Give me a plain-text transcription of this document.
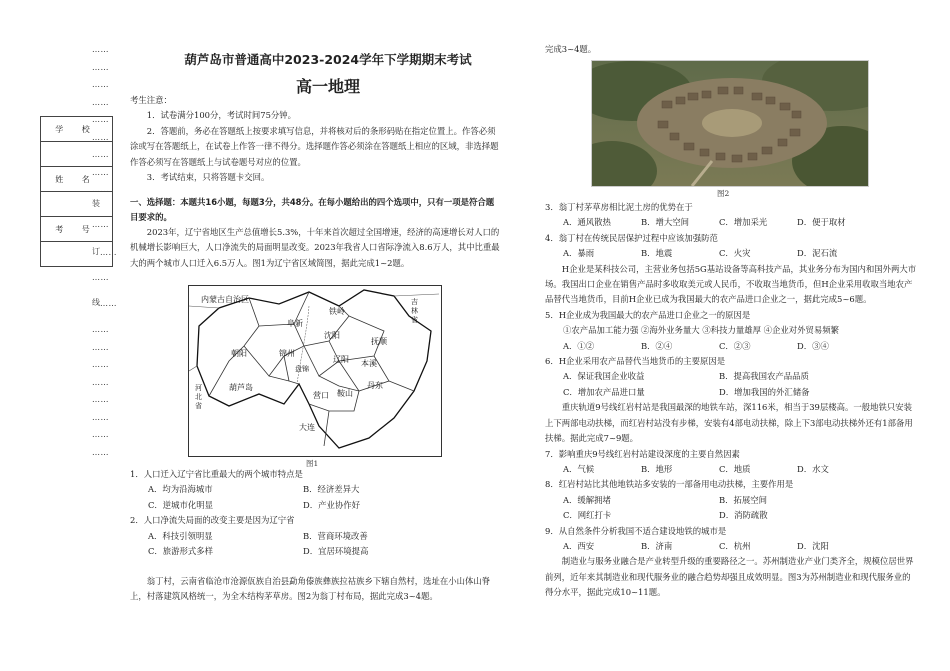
……
……
……
……
……
……
……
……
……
装
……
订 ……
……
线 ……
……
……
……
……
……
……
……
……
学 校

姓 名

考 号

葫芦岛市普通高中2023-2024学年下学期期末考试
高一地理

考生注意：

1．试卷满分100分，考试时间75分钟。

2．答题前，务必在答题纸上按要求填写信息，并将核对后的条形码贴在指定位置上。作答必须涂或写在答题纸上，在试卷上作答一律不得分。选择题作答必须涂在答题纸上相应的区域，非选择题作答必须写在答题纸上与试卷题号对应的位置。

3．考试结束，只将答题卡交回。

一、选择题：本题共16小题，每题3分，共48分。在每小题给出的四个选项中，只有一项是符合题目要求的。
2023年，辽宁省地区生产总值增长5.3%，十年来首次超过全国增速，经济的高速增长对人口的机械增长影响巨大，人口净流失的局面明显改变。2023年我省人口省际净流入8.6万人，其中比重最大的两个城市人口迁入6.5万人。图1为辽宁省区域简图，据此完成1~2题。
内蒙古自治区	吉林省
河北省
阜新
铁岭
朝阳	锦州
沈阳
抚顺
辽阳 本溪
盘锦
葫芦岛
鞍山
营口
丹东
大连
图1

1．人口迁入辽宁省比重最大的两个城市特点是

A．均为沿海城市	B．经济差异大
C．逆城市化明显	D．产业协作好

2．人口净流失局面的改变主要是因为辽宁省

A．科技引领明显	B．营商环境改善
C．旅游形式多样	D．宜居环境提高
翁丁村，云南省临沧市沧源佤族自治县勐角傣族彝族拉祜族乡下辖自然村，选址在小山体山脊上，村落建筑风格统一，为全木结构茅草房。图2为翁丁村布局，据此完成3~4题。
完成3~4题。
图2

3．翁丁村茅草房相比泥土房的优势在于

A．通风散热	B．增大空间	C．增加采光	D．便于取材

4．翁丁村在传统民居保护过程中应该加强防范

A．暴雨	B．地震	C．火灾	D．泥石流

H企业是某科技公司，主营业务包括5G基站设备等高科技产品，其业务分布为国内和国外两大市场。我国出口企业在销售产品时多收取美元或人民币，不收取当地货币，但H企业采用收取当地农产品替代当地货币，目前H企业已成为我国最大的农产品进口企业之一，据此完成5~6题。

5．H企业成为我国最大的农产品进口企业之一的原因是

①农产品加工能力强 ②海外业务量大 ③科技力量雄厚 ④企业对外贸易频繁

A．①②	B．②④	C．②③	D．③④

6．H企业采用农产品替代当地货币的主要原因是

A．保证我国企业收益	B．提高我国农产品品质
C．增加农产品进口量	D．增加我国的外汇储备

重庆轨道9号线红岩村站是我国最深的地铁车站，深116米，相当于39层楼高。一般地铁只安装上下两部电动扶梯，而红岩村站没有步梯，安装有4部电动扶梯，除上下3部电动扶梯外还有1部备用扶梯。据此完成7~9题。

7．影响重庆9号线红岩村站建设深度的主要自然因素

A．气候	B．地形	C．地质	D．水文

8．红岩村站比其他地铁站多安装的一部备用电动扶梯，主要作用是

A．缓解拥堵	B．拓展空间
C．网红打卡	D．消防疏散

9．从自然条件分析我国不适合建设地铁的城市是

A．西安	B．济南	C．杭州	D．沈阳

制造业与服务业融合是产业转型升级的重要路径之一。苏州制造业产业门类齐全，规模位居世界前列，近年来其制造业和现代服务业的融合趋势却强且成效明显。图3为苏州制造业和现代服务业的得分水平，据此完成10~11题。
